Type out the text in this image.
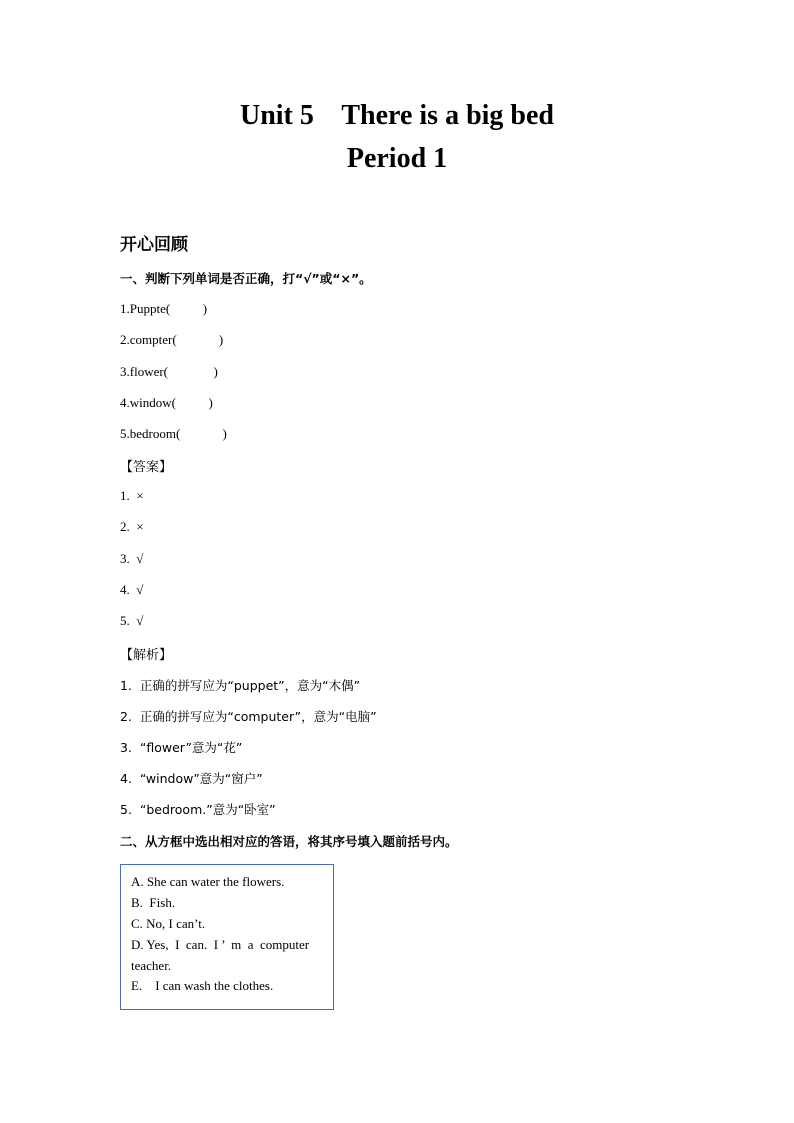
Unit 5    There is a big bed
Period 1
开心回顾
一、判断下列单词是否正确，打“√”或“×”。
1.Puppte(          )
2.compter(             )
3.flower(              )
4.window(          )
5.bedroom(             )
【答案】
1.  ×
2.  ×
3.  √
4.  √
5.  √
【解析】
1.  正确的拼写应为“puppet”，意为“木偶”
2.  正确的拼写应为“computer”，意为“电脑”
3.  “flower”意为“花”
4.  “window”意为“窗户”
5.  “bedroom.”意为“卧室”
二、从方框中选出相对应的答语，将其序号填入题前括号内。
A. She can water the flowers.
B.  Fish.
C. No, I can’t.
D. Yes,  I  can.  I ’  m  a  computer
teacher.
E.    I can wash the clothes.
